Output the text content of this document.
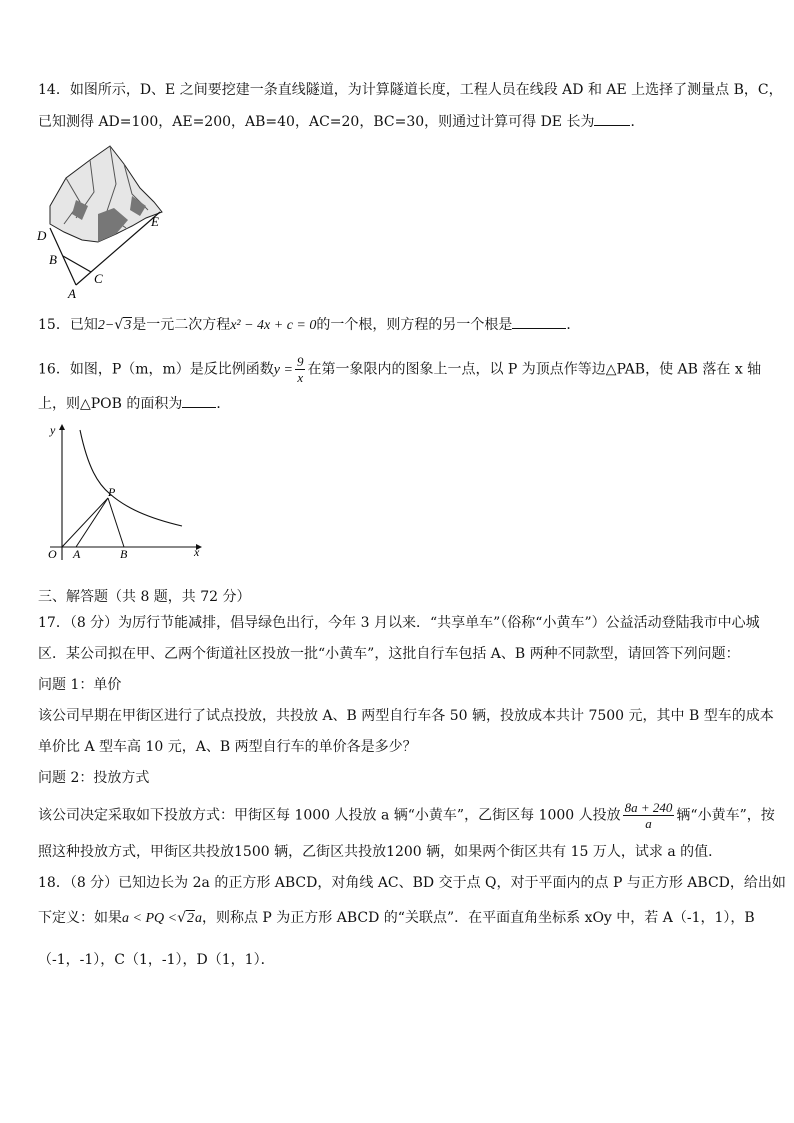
14．如图所示，D、E 之间要挖建一条直线隧道，为计算隧道长度，工程人员在线段 AD 和 AE 上选择了测量点 B，C，
已知测得 AD=100，AE=200，AB=40，AC=20，BC=30，则通过计算可得 DE 长为	．
D
E
B
C
A
15．已知2−√3是一元二次方程x² − 4x + c = 0的一个根，则方程的另一个根是	．
16．如图，P（m，m）是反比例函数$y = \frac{9}{x}$ 在第一象限内的图象上一点，以 P 为顶点作等边△PAB，使 AB 落在 x 轴
上，则△POB 的面积为 ．
y
x
O A	B
P
三、解答题（共 8 题，共 72 分）
17．（8 分）为厉行节能减排，倡导绿色出行，今年 3 月以来．“共享单车”（俗称“小黄车”）公益活动登陆我市中心城
区．某公司拟在甲、乙两个街道社区投放一批“小黄车”，这批自行车包括 A、B 两种不同款型，请回答下列问题：
问题 1：单价
该公司早期在甲街区进行了试点投放，共投放 A、B 两型自行车各 50 辆，投放成本共计 7500 元，其中 B 型车的成本
单价比 A 型车高 10 元，A、B 两型自行车的单价各是多少？
问题 2：投放方式
该公司决定采取如下投放方式：甲街区每 1000 人投放 a 辆“小黄车”，乙街区每 1000 人投放 $\frac{8a + 240}{a}$ 辆“小黄车”，按
照这种投放方式，甲街区共投放1500 辆，乙街区共投放1200 辆，如果两个街区共有 15 万人，试求 a 的值．
18．（8 分）已知边长为 2a 的正方形 ABCD，对角线 AC、BD 交于点 Q，对于平面内的点 P 与正方形 ABCD，给出如
下定义：如果a < PQ <√2a，则称点 P 为正方形 ABCD 的“关联点”．在平面直角坐标系 xOy 中，若 A（-1，1），B
（-1，-1），C（1，-1），D（1，1）．
